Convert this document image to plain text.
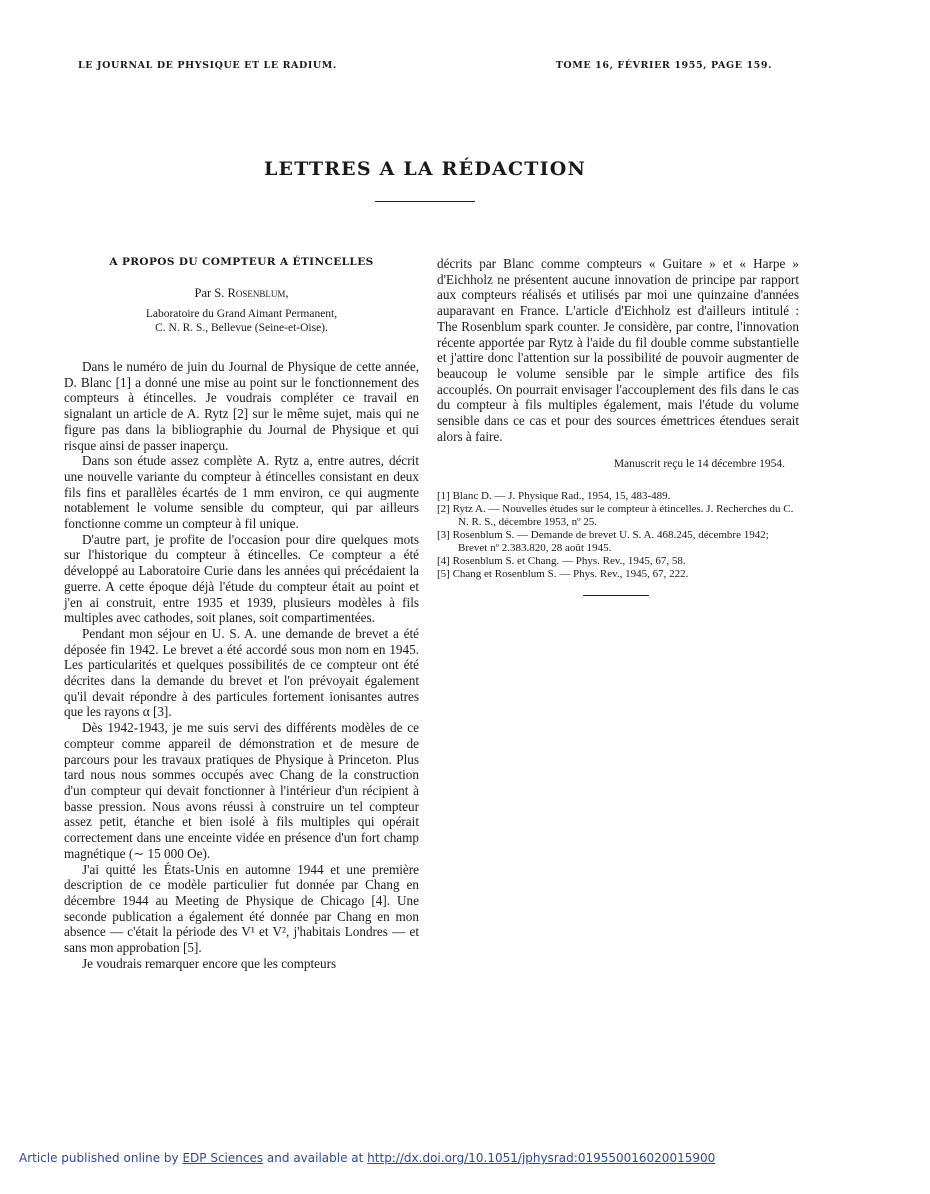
LE JOURNAL DE PHYSIQUE ET LE RADIUM.	TOME 16, FÉVRIER 1955, PAGE 159.
LETTRES A LA RÉDACTION
A PROPOS DU COMPTEUR A ÉTINCELLES
Par S. Rosenblum,
Laboratoire du Grand Aimant Permanent,
C. N. R. S., Bellevue (Seine-et-Oise).

Dans le numéro de juin du Journal de Physique de cette année, D. Blanc [1] a donné une mise au point sur le fonctionnement des compteurs à étincelles. Je voudrais compléter ce travail en signalant un article de A. Rytz [2] sur le même sujet, mais qui ne figure pas dans la bibliographie du Journal de Physique et qui risque ainsi de passer inaperçu.

Dans son étude assez complète A. Rytz a, entre autres, décrit une nouvelle variante du compteur à étincelles consistant en deux fils fins et parallèles écartés de 1 mm environ, ce qui augmente notablement le volume sensible du compteur, qui par ailleurs fonctionne comme un compteur à fil unique.

D'autre part, je profite de l'occasion pour dire quelques mots sur l'historique du compteur à étincelles. Ce compteur a été développé au Laboratoire Curie dans les années qui précédaient la guerre. A cette époque déjà l'étude du compteur était au point et j'en ai construit, entre 1935 et 1939, plusieurs modèles à fils multiples avec cathodes, soit planes, soit compartimentées.

Pendant mon séjour en U. S. A. une demande de brevet a été déposée fin 1942. Le brevet a été accordé sous mon nom en 1945. Les particularités et quelques possibilités de ce compteur ont été décrites dans la demande du brevet et l'on prévoyait également qu'il devait répondre à des particules fortement ionisantes autres que les rayons α [3].

Dès 1942-1943, je me suis servi des différents modèles de ce compteur comme appareil de démonstration et de mesure de parcours pour les travaux pratiques de Physique à Princeton. Plus tard nous nous sommes occupés avec Chang de la construction d'un compteur qui devait fonctionner à l'intérieur d'un récipient à basse pression. Nous avons réussi à construire un tel compteur assez petit, étanche et bien isolé à fils multiples qui opérait correctement dans une enceinte vidée en présence d'un fort champ magnétique (∼ 15 000 Oe).

J'ai quitté les États-Unis en automne 1944 et une première description de ce modèle particulier fut donnée par Chang en décembre 1944 au Meeting de Physique de Chicago [4]. Une seconde publication a également été donnée par Chang en mon absence — c'était la période des V¹ et V², j'habitais Londres — et sans mon approbation [5].

Je voudrais remarquer encore que les compteurs

décrits par Blanc comme compteurs « Guitare » et « Harpe » d'Eichholz ne présentent aucune innovation de principe par rapport aux compteurs réalisés et utilisés par moi une quinzaine d'années auparavant en France. L'article d'Eichholz est d'ailleurs intitulé : The Rosenblum spark counter. Je considère, par contre, l'innovation récente apportée par Rytz à l'aide du fil double comme substantielle et j'attire donc l'attention sur la possibilité de pouvoir augmenter de beaucoup le volume sensible par le simple artifice des fils accouplés. On pourrait envisager l'accouplement des fils dans le cas du compteur à fils multiples également, mais l'étude du volume sensible dans ce cas et pour des sources émettrices étendues serait alors à faire.

Manuscrit reçu le 14 décembre 1954.

[1] Blanc D. — J. Physique Rad., 1954, 15, 483-489.

[2] Rytz A. — Nouvelles études sur le compteur à étincelles. J. Recherches du C. N. R. S., décembre 1953, nº 25.

[3] Rosenblum S. — Demande de brevet U. S. A. 468.245, décembre 1942; Brevet nº 2.383.820, 28 août 1945.

[4] Rosenblum S. et Chang. — Phys. Rev., 1945, 67, 58.

[5] Chang et Rosenblum S. — Phys. Rev., 1945, 67, 222.

Article published online by EDP Sciences and available at http://dx.doi.org/10.1051/jphysrad:019550016020015900
